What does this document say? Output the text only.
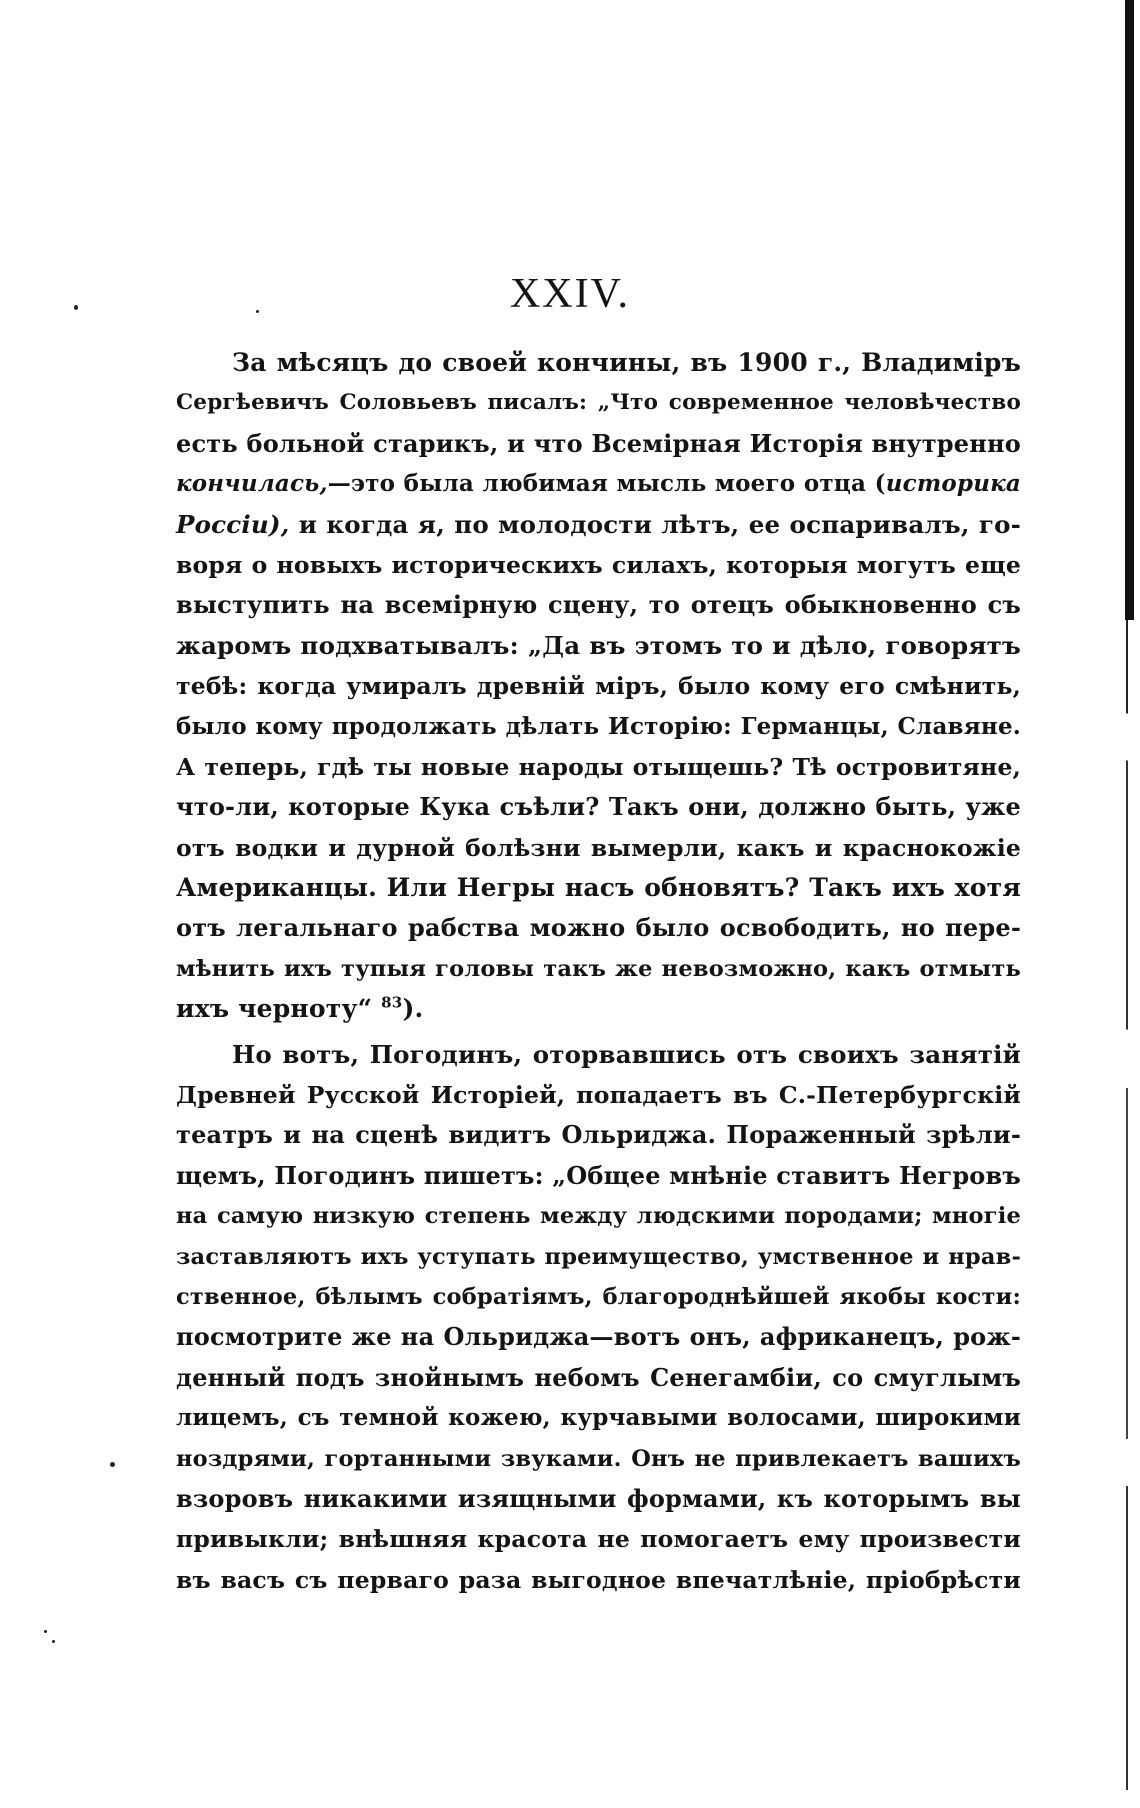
XXIV.
За мѣсяцъ до своей кончины, въ 1900 г., Владиміръ
Сергѣевичъ Соловьевъ писалъ: „Что современное человѣчество
есть больной старикъ, и что Всемірная Исторія внутренно
кончилась,—это была любимая мысль моего отца (историка
Россіи), и когда я, по молодости лѣтъ, ее оспаривалъ, го-
воря о новыхъ историческихъ силахъ, которыя могутъ еще
выступить на всемірную сцену, то отецъ обыкновенно съ
жаромъ подхватывалъ: „Да въ этомъ то и дѣло, говорятъ
тебѣ: когда умиралъ древній міръ, было кому его смѣнить,
было кому продолжать дѣлать Исторію: Германцы, Славяне.
А теперь, гдѣ ты новые народы отыщешь? Тѣ островитяне,
что-ли, которые Кука съѣли? Такъ они, должно быть, уже
отъ водки и дурной болѣзни вымерли, какъ и краснокожіе
Американцы. Или Негры насъ обновятъ? Такъ ихъ хотя
отъ легальнаго рабства можно было освободить, но пере-
мѣнить ихъ тупыя головы такъ же невозможно, какъ отмыть
ихъ черноту“ $^{83}$).
Но вотъ, Погодинъ, оторвавшись отъ своихъ занятій
Древней Русской Исторіей, попадаетъ въ С.-Петербургскій
театръ и на сценѣ видитъ Ольриджа. Пораженный зрѣли-
щемъ, Погодинъ пишетъ: „Общее мнѣніе ставитъ Негровъ
на самую низкую степень между людскими породами; многіе
заставляютъ ихъ уступать преимущество, умственное и нрав-
ственное, бѣлымъ собратіямъ, благороднѣйшей якобы кости:
посмотрите же на Ольриджа—вотъ онъ, африканецъ, рож-
денный подъ знойнымъ небомъ Сенегамбіи, со смуглымъ
лицемъ, съ темной кожею, курчавыми волосами, широкими
ноздрями, гортанными звуками. Онъ не привлекаетъ вашихъ
взоровъ никакими изящными формами, къ которымъ вы
привыкли; внѣшняя красота не помогаетъ ему произвести
въ васъ съ перваго раза выгодное впечатлѣніе, пріобрѣсти
